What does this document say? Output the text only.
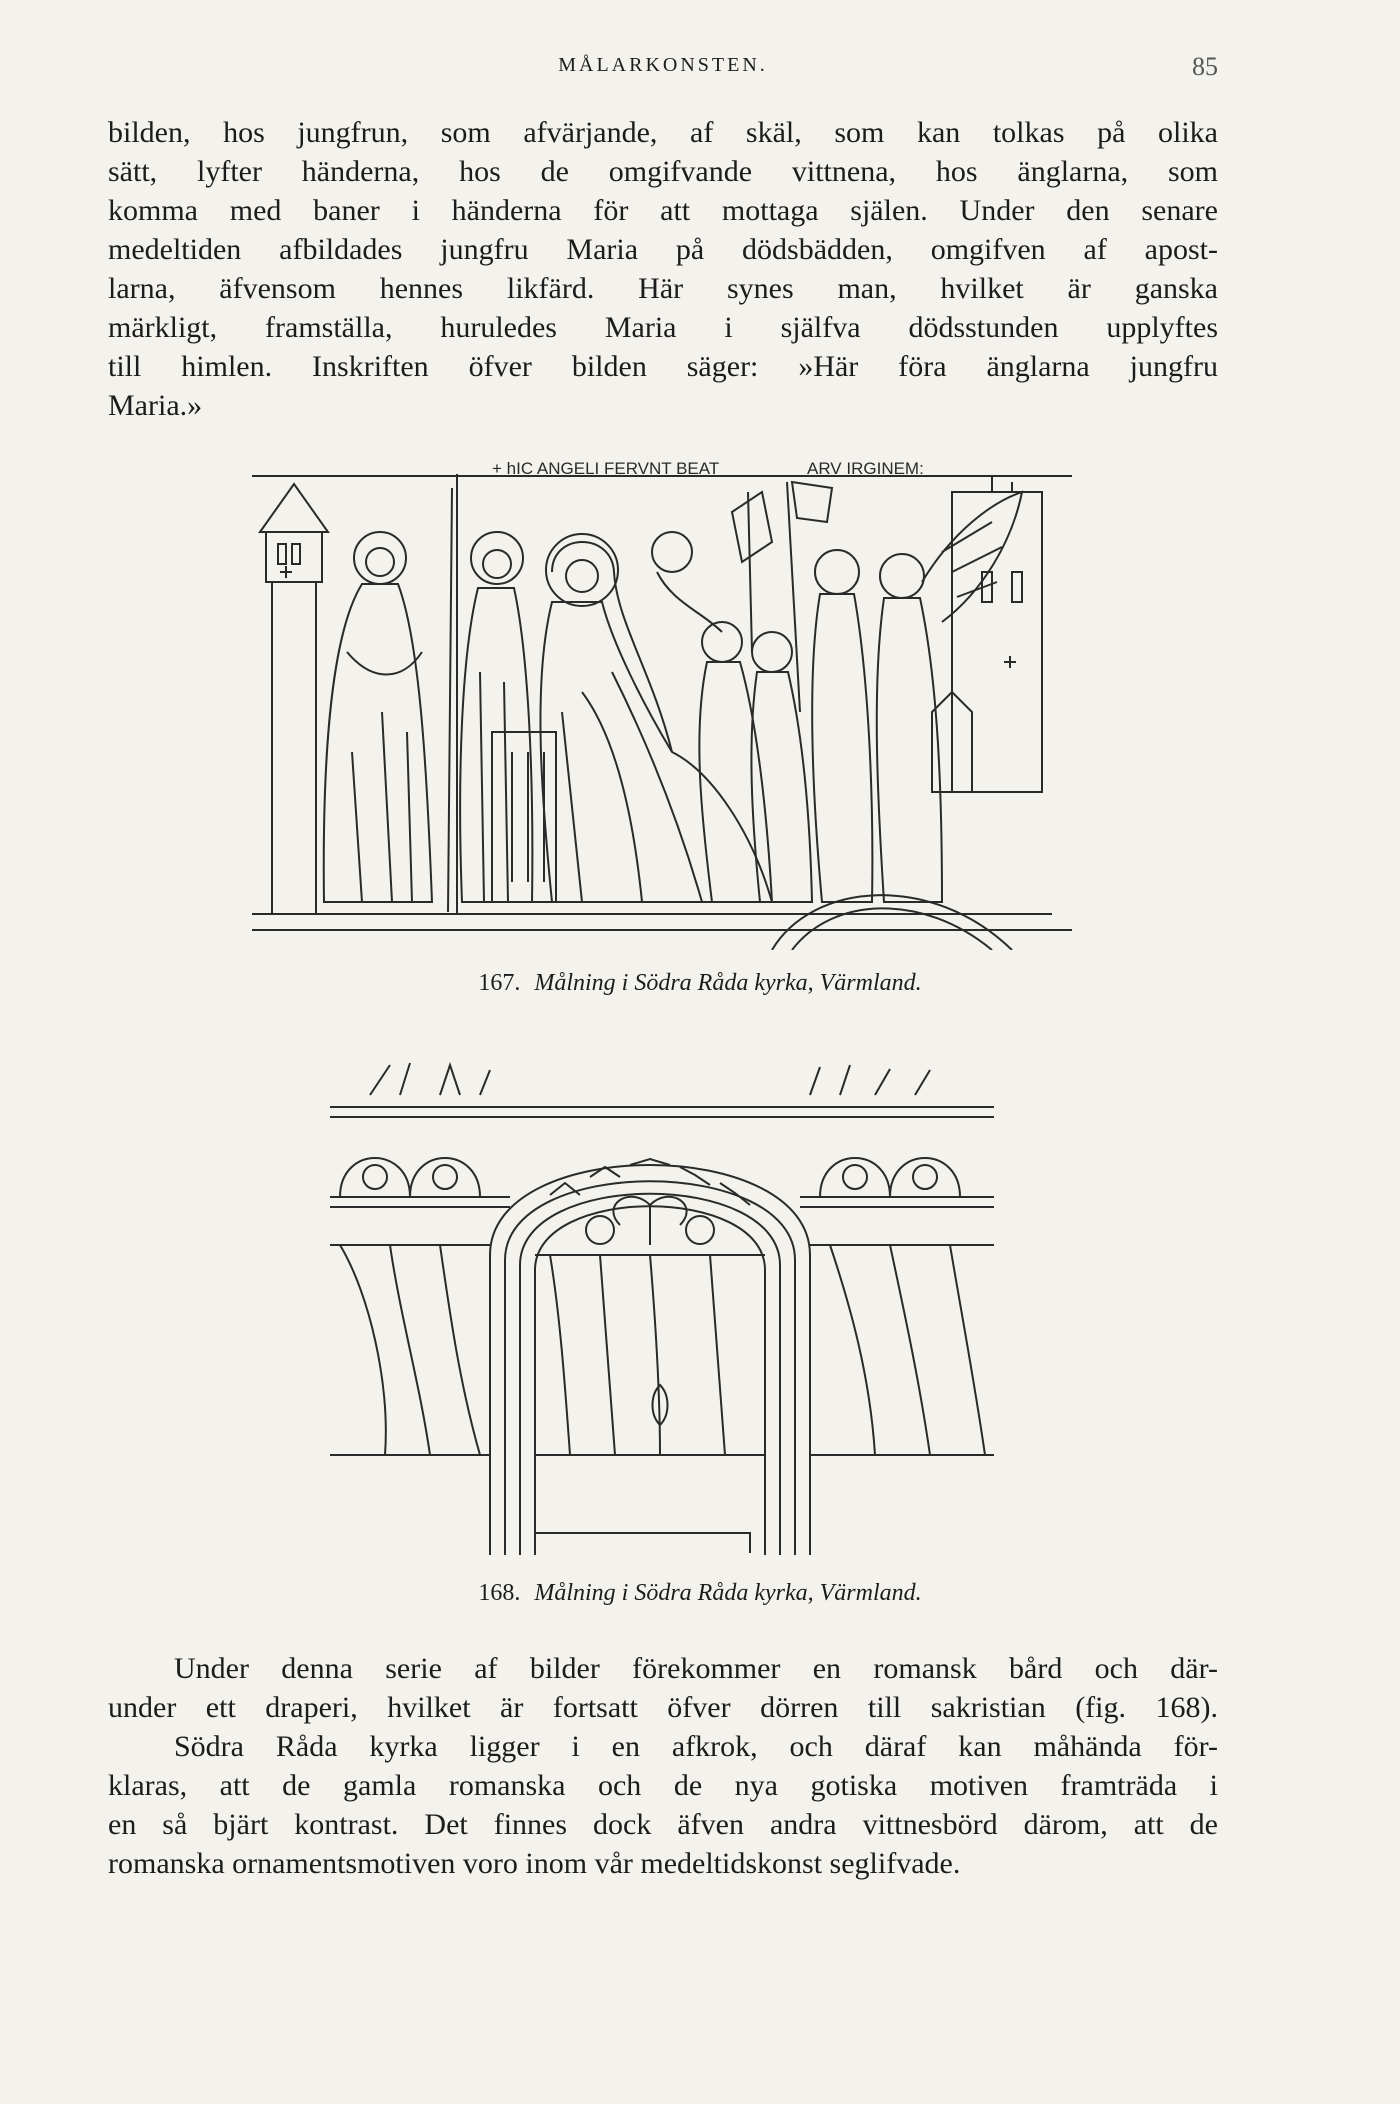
MÅLARKONSTEN.	85

bilden, hos jungfrun, som afvärjande, af skäl, som kan tolkas på olika
sätt, lyfter händerna, hos de omgifvande vittnena, hos änglarna, som
komma med baner i händerna för att mottaga själen. Under den senare
medeltiden afbildades jungfru Maria på dödsbädden, omgifven af apost-
larna, äfvensom hennes likfärd. Här synes man, hvilket är ganska
märkligt, framställa, huruledes Maria i själfva dödsstunden upplyftes
till himlen. Inskriften öfver bilden säger: »Här föra änglarna jungfru
Maria.»

+ hIC ANGELI FERVNT BEAT	ARV IRGINEM:
167. Målning i Södra Råda kyrka, Värmland.
168. Målning i Södra Råda kyrka, Värmland.

Under denna serie af bilder förekommer en romansk bård och där-
under ett draperi, hvilket är fortsatt öfver dörren till sakristian (fig. 168).

Södra Råda kyrka ligger i en afkrok, och däraf kan måhända för-
klaras, att de gamla romanska och de nya gotiska motiven framträda i
en så bjärt kontrast. Det finnes dock äfven andra vittnesbörd därom, att de
romanska ornamentsmotiven voro inom vår medeltidskonst seglifvade.
